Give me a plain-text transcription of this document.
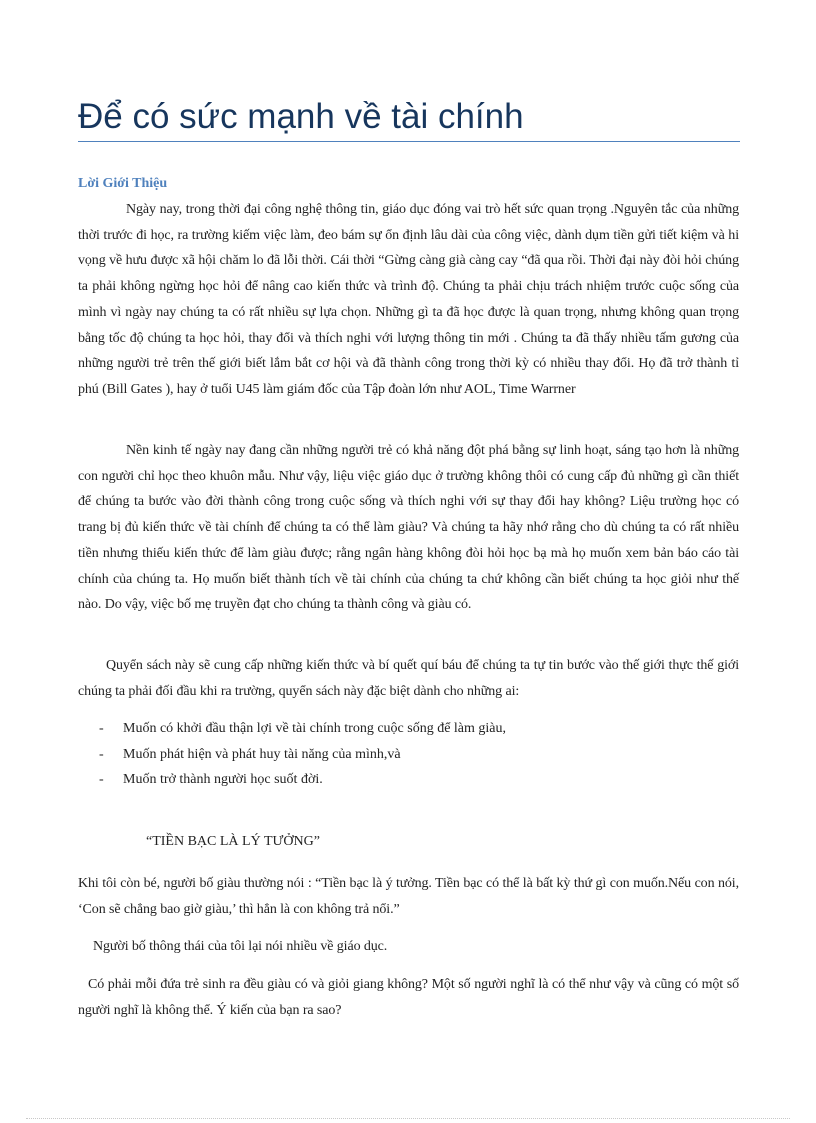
Để có sức mạnh về tài chính
Lời Giới Thiệu

Ngày nay, trong thời đại công nghệ thông tin, giáo dục đóng vai trò hết sức quan trọng .Nguyên tắc của những thời trước đi học, ra trường kiếm việc làm, đeo bám sự ổn định lâu dài của công việc, dành dụm tiền gửi tiết kiệm và hi vọng về hưu được xã hội chăm lo đã lỗi thời. Cái thời “Gừng càng già càng cay “đã qua rồi. Thời đại này đòi hỏi chúng ta phải không ngừng học hỏi để nâng cao kiến thức và trình độ. Chúng ta phải chịu trách nhiệm trước cuộc sống của mình vì ngày nay chúng ta có rất nhiều sự lựa chọn. Những gì ta đã học được là quan trọng, nhưng không quan trọng bằng tốc độ chúng ta học hỏi, thay đổi và thích nghi với lượng thông tin mới . Chúng ta đã thấy nhiều tấm gương của những người trẻ trên thế giới biết lắm bắt cơ hội và đã thành công trong thời kỳ có nhiều thay đổi. Họ đã trở thành tỉ phú (Bill Gates ), hay ở tuổi U45 làm giám đốc của Tập đoàn lớn như AOL, Time Warrner

Nền kinh tế ngày nay đang cần những người trẻ có khả năng đột phá bằng sự linh hoạt, sáng tạo hơn là những con người chỉ học theo khuôn mẫu. Như vậy, liệu việc giáo dục ở trường không thôi có cung cấp đủ những gì cần thiết để chúng ta bước vào đời thành công trong cuộc sống và thích nghi với sự thay đổi hay không? Liệu trường học có trang bị đủ kiến thức về tài chính để chúng ta có thể làm giàu? Và chúng ta hãy nhớ rằng cho dù chúng ta có rất nhiều tiền nhưng thiếu kiến thức để làm giàu được; rằng ngân hàng không đòi hỏi học bạ mà họ muốn xem bản báo cáo tài chính của chúng ta. Họ muốn biết thành tích về tài chính của chúng ta chứ không cần biết chúng ta học giỏi như thế nào. Do vậy, việc bố mẹ truyền đạt cho chúng ta thành công và giàu có.

Quyển sách này sẽ cung cấp những kiến thức và bí quết quí báu để chúng ta tự tin bước vào thế giới thực thế giới chúng ta phải đối đầu khi ra trường, quyển sách này đặc biệt dành cho những ai:

- Muốn có khởi đầu thận lợi về tài chính trong cuộc sống để làm giàu,
- Muốn phát hiện và phát huy tài năng của mình,và
- Muốn trở thành người học suốt đời.
“TIỀN BẠC LÀ LÝ TƯỞNG”

Khi tôi còn bé, người bố giàu thường nói : “Tiền bạc là ý tưởng. Tiền bạc có thể là bất kỳ thứ gì con muốn.Nếu con nói, ‘Con sẽ chẳng bao giờ giàu,’ thì hẳn là con không trả nổi.”

Người bố thông thái của tôi lại nói nhiều về giáo dục.

Có phải mỗi đứa trẻ sinh ra đều giàu có và giỏi giang không? Một số người nghĩ là có thể như vậy và cũng có một số người nghĩ là không thể. Ý kiến của bạn ra sao?
